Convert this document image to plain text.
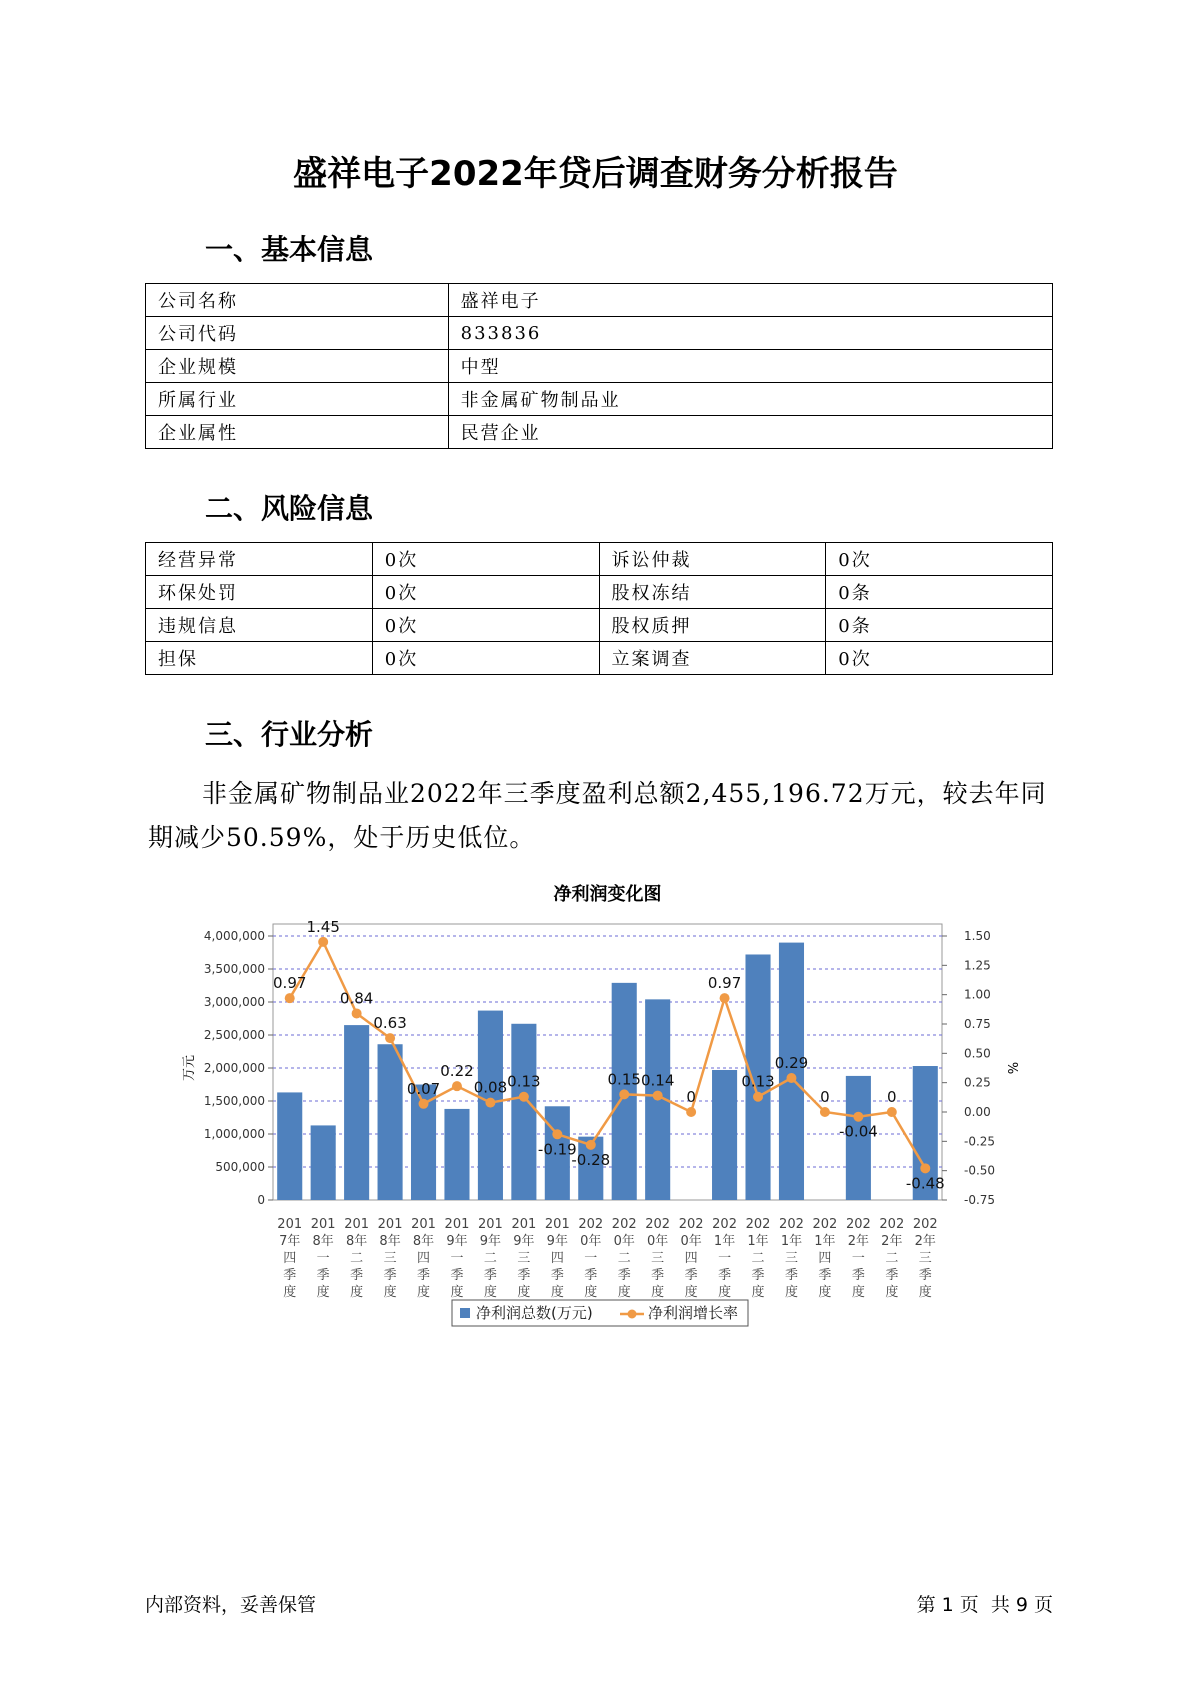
盛祥电子2022年贷后调查财务分析报告
一、基本信息
公司名称	盛祥电子
公司代码	833836
企业规模	中型
所属行业	非金属矿物制品业
企业属性	民营企业
二、风险信息
经营异常	0次	诉讼仲裁	0次
环保处罚	0次	股权冻结	0条
违规信息	0次	股权质押	0条
担保	0次	立案调查	0次
三、行业分析
非金属矿物制品业2022年三季度盈利总额2,455,196.72万元，较去年同期减少50.59%，处于历史低位。
净利润变化图
0
500,000
1,000,000
1,500,000
2,000,000
2,500,000
3,000,000
3,500,000
4,000,000
-0.75
-0.50
-0.25
0.00
0.25
0.50
0.75
1.00
1.25
1.50
万元	%
0.97
1.45
0.84
0.63
0.07
0.22
0.08 0.13
-0.19
-0.28
0.15 0.14
0
0.97
0.13
0.29
0
-0.04
0
-0.48
201 7年四季度
201 8年一季度
201 8年二季度
201 8年三季度
201 8年四季度
201 9年一季度
201 9年二季度
201 9年三季度
201 9年四季度
202 0年一季度
202 0年二季度
202 0年三季度
202 0年四季度
202 1年一季度
202 1年二季度
202 1年三季度
202 1年四季度
202 2年一季度
202 2年二季度
202 2年三季度
净利润总数(万元)	净利润增长率
内部资料，妥善保管	第 1 页  共 9 页
